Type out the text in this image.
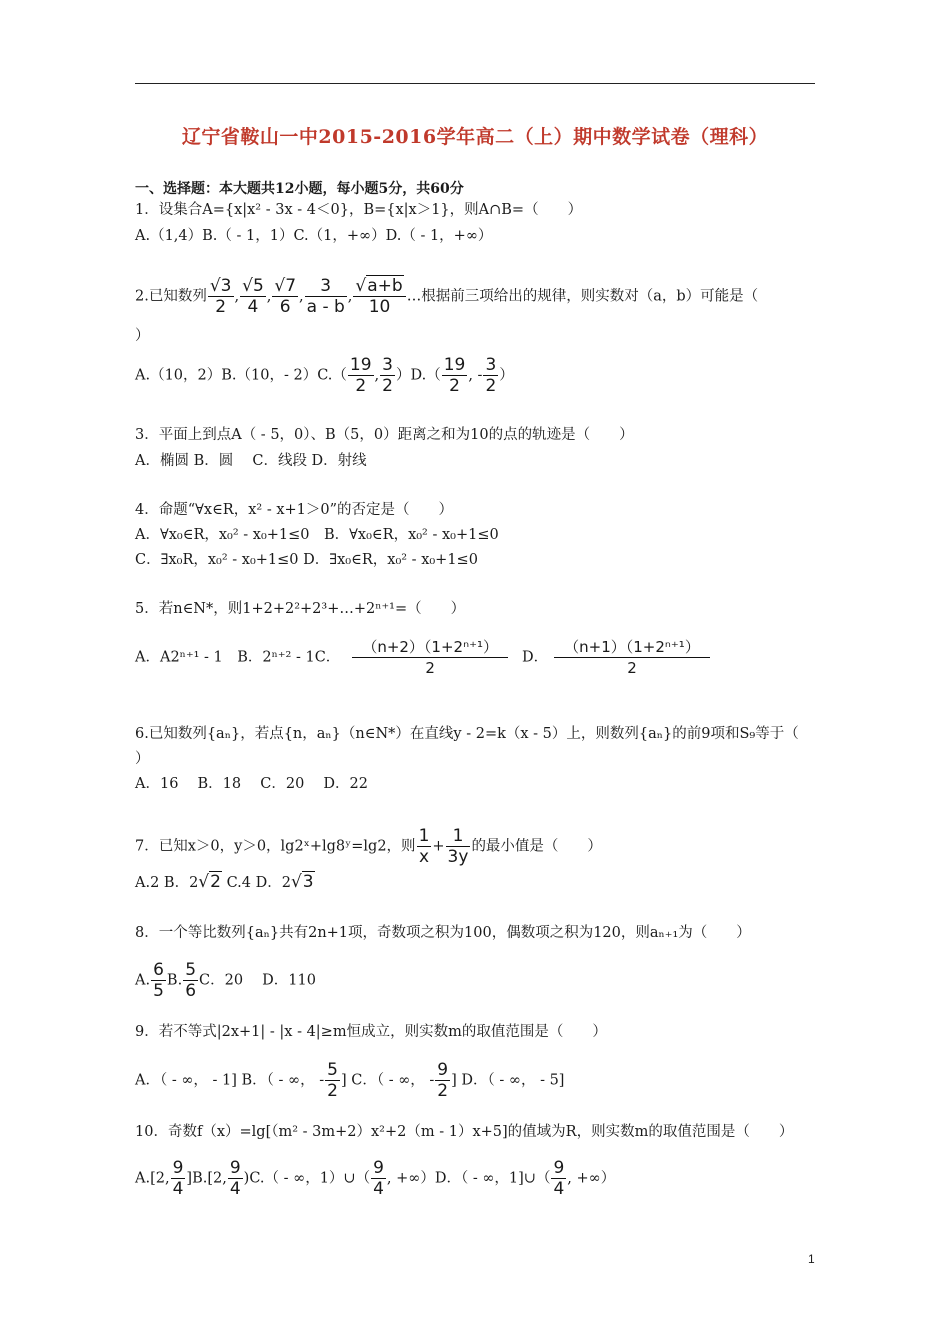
辽宁省鞍山一中2015-2016学年高二（上）期中数学试卷（理科）
一、选择题：本大题共12小题，每小题5分，共60分
1．设集合A={x|x² - 3x - 4＜0}，B={x|x＞1}，则A∩B=（　　）
A.（1,4）B.（ - 1，1）C.（1，+∞）D.（ - 1，+∞）
2.已知数列 $\frac{√3}{2}$ , $\frac{√5}{4}$ , $\frac{√7}{6}$ , $\frac{3}{a - b}$ , $\frac{√a+b}{10}$ …根据前三项给出的规律，则实数对（a，b）可能是（
）
A.（10，2）B.（10，- $2)C.( \frac{19}{2}$ , $\frac{3}{2} )D.( \frac{19}{2}$ , - $\frac{3}{2}$ ）
3．平面上到点A（ - 5，0）、B（5，0）距离之和为10的点的轨迹是（　　）
A．椭圆 B．圆　 C．线段 D．射线
4．命题“∀x∈R，x² - x+1＞0”的否定是（　　）
A．∀x₀∈R，x₀² - x₀+1≤0　B．∀x₀∈R，x₀² - x₀+1≤0
C．∃x₀R，x₀² - x₀+1≤0 D．∃x₀∈R，x₀² - x₀+1≤0
5．若n∈N*，则1+2+2²+2³+…+2ⁿ⁺¹=（　　）
A．A2ⁿ⁺¹ - 1　B．2ⁿ⁺² - 1C． $\frac{\text{（n+2）（1+2ⁿ⁺¹）}}{2}$ D． $\frac{\text{（n+1）（1+2ⁿ⁺¹）}}{2}$
6.已知数列{aₙ}，若点{n，aₙ}（n∈N*）在直线y - 2=k（x - 5）上，则数列{aₙ}的前9项和S₉等于（
）
A．16　 B．18　 C．20　 D．22
7．已知x＞0，y＞0，lg2ˣ+lg8ʸ=lg2，则 $\frac{1}{x} + \frac{1}{3y}$ 的最小值是（　　）
A.2 B．2√2 C.4 D．2√3
8．一个等比数列{aₙ}共有2n+1项，奇数项之积为100，偶数项之积为120，则aₙ₊₁为（　　）
A. $\frac{6}{5} B$. $\frac{5}{6}$ C．20　 D．110
9．若不等式|2x+1| - |x - 4|≥m恒成立，则实数m的取值范围是（　　）
A．（ - ∞， - 1] B．（ - ∞， - $\frac{5}{2}$ ] C．（ - ∞， - $\frac{9}{2}$ ] D．（ - ∞， - 5]
10．奇数f（x）=lg[（m² - 3m+2）x²+2（m - 1）x+5]的值域为R，则实数m的取值范围是（　　）
A.[2, $\frac{9}{4} ]B.[2$, $\frac{9}{4} )C$.（ - ∞，1）∪（ $\frac{9}{4}$ , +∞）D．（ - ∞，1]∪（ $\frac{9}{4}$ , +∞）
1
